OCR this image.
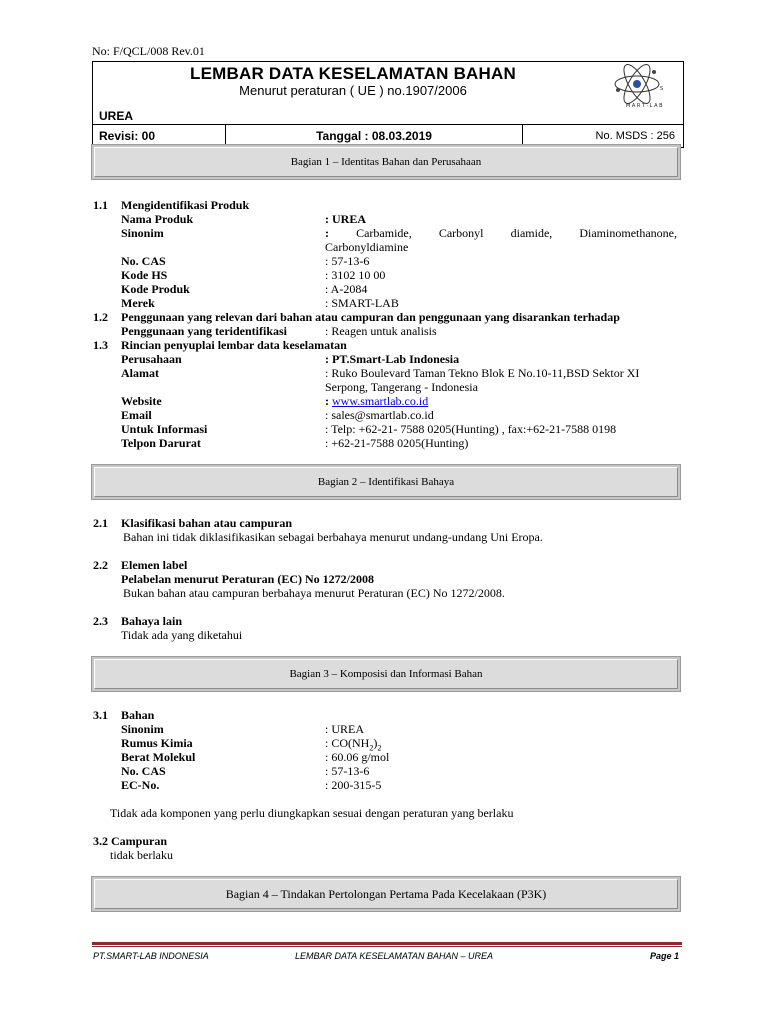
No: F/QCL/008 Rev.01
LEMBAR DATA KESELAMATAN BAHAN
Menurut peraturan ( UE ) no.1907/2006
UREA
Revisi: 00	Tanggal : 08.03.2019	No. MSDS : 256
S
M A R T · L A B
Bagian 1 – Identitas Bahan dan Perusahaan
1.1 Mengidentifikasi Produk
Nama Produk	: UREA
Sinonim	: Carbamide, Carbonyl diamide, Diaminomethanone,
Carbonyldiamine
No. CAS	: 57-13-6
Kode HS	: 3102 10 00
Kode Produk	: A-2084
Merek	: SMART-LAB
1.2 Penggunaan yang relevan dari bahan atau campuran dan penggunaan yang disarankan terhadap
Penggunaan yang teridentifikasi	: Reagen untuk analisis
1.3 Rincian penyuplai lembar data keselamatan
Perusahaan	: PT.Smart-Lab Indonesia
Alamat	: Ruko Boulevard Taman Tekno Blok E No.10-11,BSD Sektor XI
Serpong, Tangerang - Indonesia
Website	: www.smartlab.co.id
Email	: sales@smartlab.co.id
Untuk Informasi	: Telp: +62-21- 7588 0205(Hunting) , fax:+62-21-7588 0198
Telpon Darurat	: +62-21-7588 0205(Hunting)
Bagian 2 – Identifikasi Bahaya
2.1 Klasifikasi bahan atau campuran
Bahan ini tidak diklasifikasikan sebagai berbahaya menurut undang-undang Uni Eropa.
2.2 Elemen label
Pelabelan menurut Peraturan (EC) No 1272/2008
Bukan bahan atau campuran berbahaya menurut Peraturan (EC) No 1272/2008.
2.3 Bahaya lain
Tidak ada yang diketahui
Bagian 3 – Komposisi dan Informasi Bahan
3.1 Bahan
Sinonim	: UREA
Rumus Kimia	: $CO(NH_2)_2$
Berat Molekul	: 60.06 g/mol
No. CAS	: 57-13-6
EC-No.	: 200-315-5
Tidak ada komponen yang perlu diungkapkan sesuai dengan peraturan yang berlaku
3.2 Campuran
tidak berlaku
Bagian 4 – Tindakan Pertolongan Pertama Pada Kecelakaan (P3K)
PT.SMART-LAB INDONESIA	LEMBAR DATA KESELAMATAN BAHAN – UREA	Page 1
